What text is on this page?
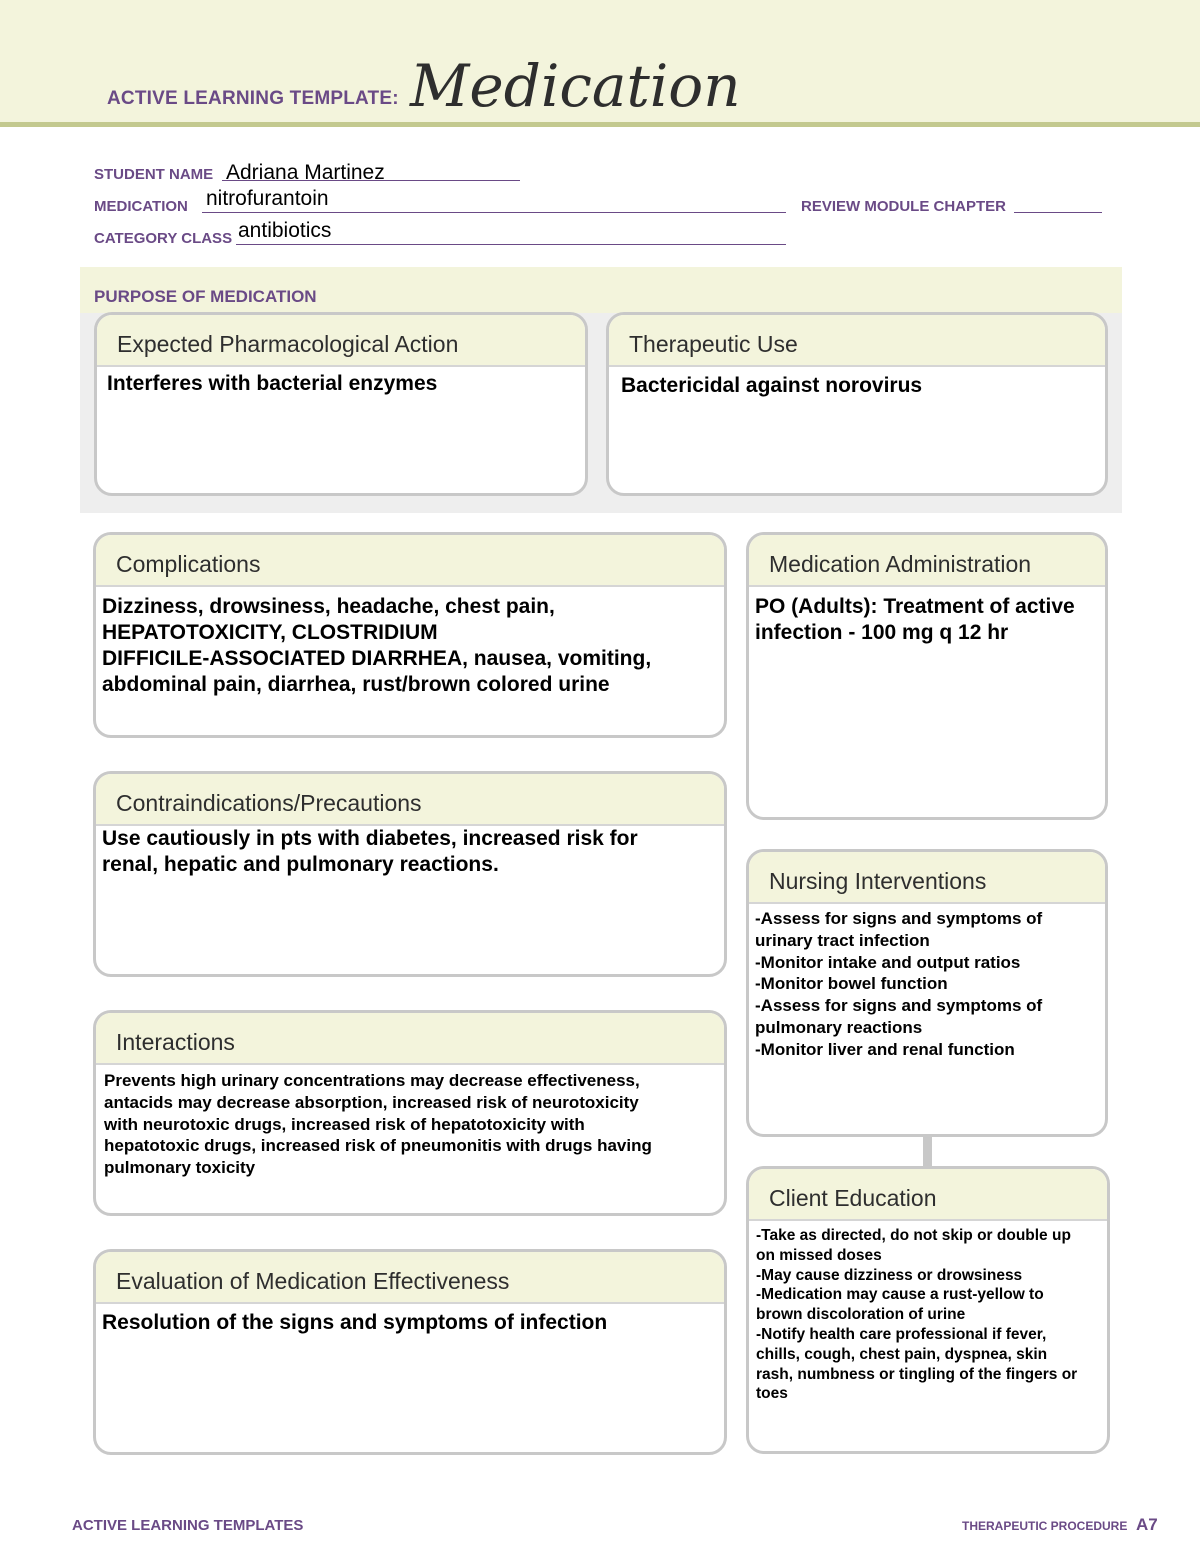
ACTIVE LEARNING TEMPLATE: Medication
STUDENT NAME Adriana Martinez
MEDICATION nitrofurantoin	REVIEW MODULE CHAPTER
CATEGORY CLASS antibiotics
PURPOSE OF MEDICATION
Expected Pharmacological Action
Interferes with bacterial enzymes
Therapeutic Use
Bactericidal against norovirus
Complications
Dizziness, drowsiness, headache, chest pain,
HEPATOTOXICITY, CLOSTRIDIUM
DIFFICILE-ASSOCIATED DIARRHEA, nausea, vomiting,
abdominal pain, diarrhea, rust/brown colored urine
Medication Administration
PO (Adults): Treatment of active
infection - 100 mg q 12 hr
Contraindications/Precautions
Use cautiously in pts with diabetes, increased risk for
renal, hepatic and pulmonary reactions.
Nursing Interventions
-Assess for signs and symptoms of
urinary tract infection
-Monitor intake and output ratios
-Monitor bowel function
-Assess for signs and symptoms of
pulmonary reactions
-Monitor liver and renal function
Interactions
Prevents high urinary concentrations may decrease effectiveness,
antacids may decrease absorption, increased risk of neurotoxicity
with neurotoxic drugs, increased risk of hepatotoxicity with
hepatotoxic drugs, increased risk of pneumonitis with drugs having
pulmonary toxicity
Client Education
-Take as directed, do not skip or double up
on missed doses
-May cause dizziness or drowsiness
-Medication may cause a rust-yellow to
brown discoloration of urine
-Notify health care professional if fever,
chills, cough, chest pain, dyspnea, skin
rash, numbness or tingling of the fingers or
toes
Evaluation of Medication Effectiveness
Resolution of the signs and symptoms of infection
ACTIVE LEARNING TEMPLATES	THERAPEUTIC PROCEDURE A7
